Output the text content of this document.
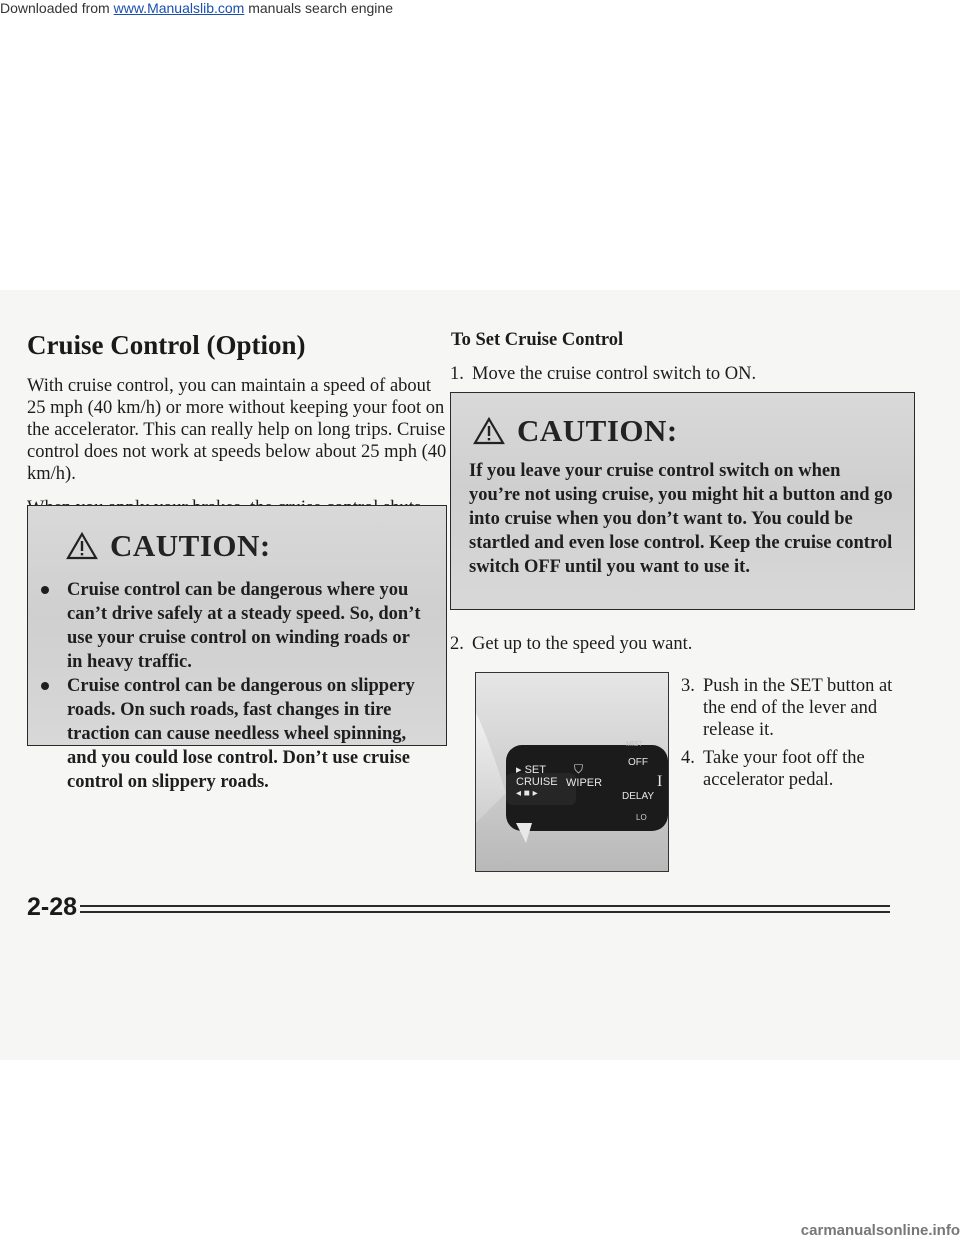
Downloaded from www.Manualslib.com manuals search engine
Cruise Control (Option)

With cruise control, you can maintain a speed of about 25 mph (40 km/h) or more without keeping your foot on the accelerator. This can really help on long trips. Cruise control does not work at speeds below about 25 mph (40 km/h).

CAUTION:
Cruise control can be dangerous where you can’t drive safely at a steady speed. So, don’t use your cruise control on winding roads or in heavy traffic.
Cruise control can be dangerous on slippery roads. On such roads, fast changes in tire traction can cause needless wheel spinning, and you could lose control. Don’t use cruise control on slippery roads.
To Set Cruise Control
1. Move the cruise control switch to ON.
CAUTION:
If you leave your cruise control switch on when you’re not using cruise, you might hit a button and go into cruise when you don’t want to. You could be startled and even lose control. Keep the cruise control switch OFF until you want to use it.
2. Get up to the speed you want.
▸ SET
CRUISE
◂ ■ ▸
WIPER
⛉
MIST
OFF
DELAY
I
LO
3. Push in the SET button at the end of the lever and release it.
4. Take your foot off the accelerator pedal.
2-28
carmanualsonline.info
